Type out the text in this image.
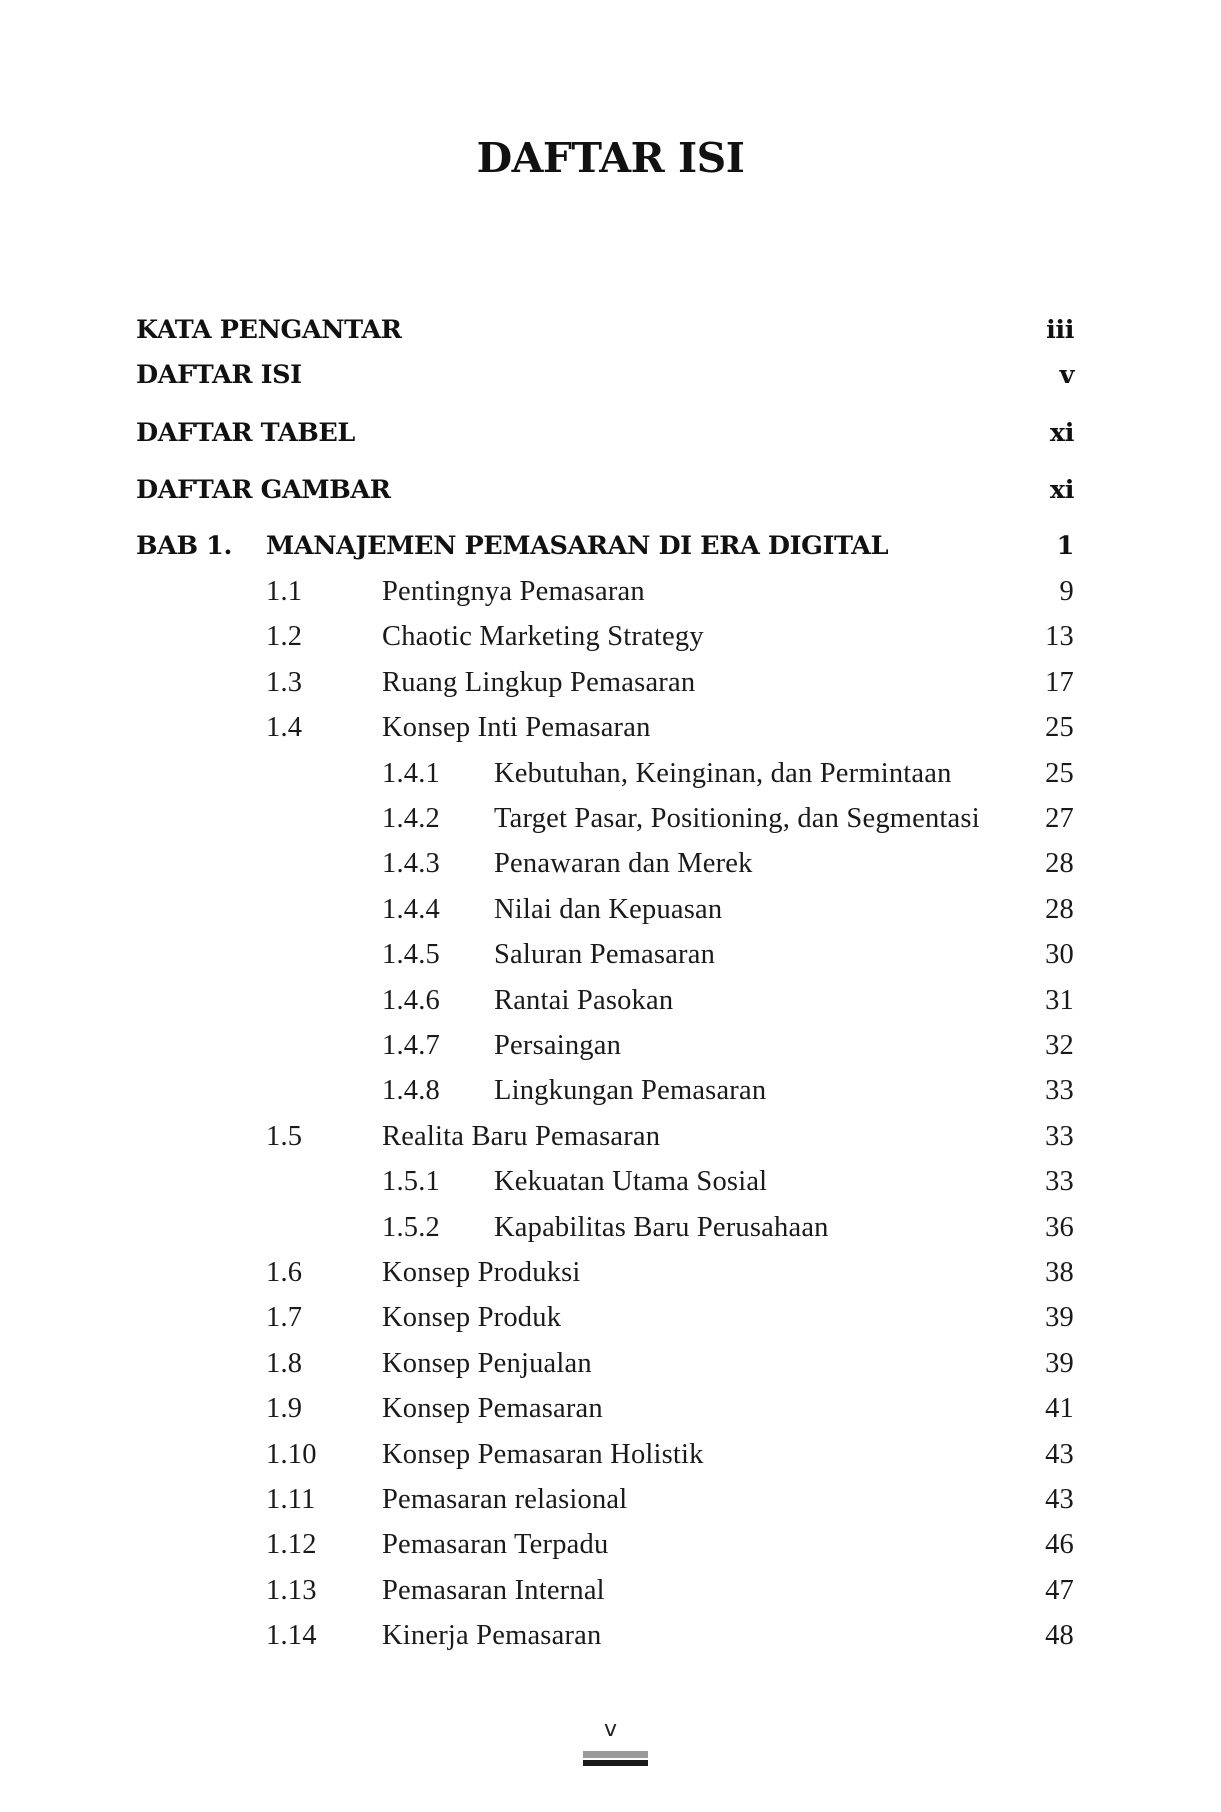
DAFTAR ISI
KATA PENGANTAR	iii
DAFTAR ISI	v
DAFTAR TABEL	xi
DAFTAR GAMBAR	xi
BAB 1. MANAJEMEN PEMASARAN DI ERA DIGITAL	1
1.1	Pentingnya Pemasaran	9
1.2	Chaotic Marketing Strategy	13
1.3	Ruang Lingkup Pemasaran	17
1.4	Konsep Inti Pemasaran	25
1.4.1 Kebutuhan, Keinginan, dan Permintaan	25
1.4.2 Target Pasar, Positioning, dan Segmentasi 27
1.4.3 Penawaran dan Merek	28
1.4.4 Nilai dan Kepuasan	28
1.4.5 Saluran Pemasaran	30
1.4.6 Rantai Pasokan	31
1.4.7 Persaingan	32
1.4.8 Lingkungan Pemasaran	33
1.5	Realita Baru Pemasaran	33
1.5.1 Kekuatan Utama Sosial	33
1.5.2 Kapabilitas Baru Perusahaan	36
1.6	Konsep Produksi	38
1.7	Konsep Produk	39
1.8	Konsep Penjualan	39
1.9	Konsep Pemasaran	41
1.10 Konsep Pemasaran Holistik	43
1.11 Pemasaran relasional	43
1.12 Pemasaran Terpadu	46
1.13 Pemasaran Internal	47
1.14 Kinerja Pemasaran	48
v
